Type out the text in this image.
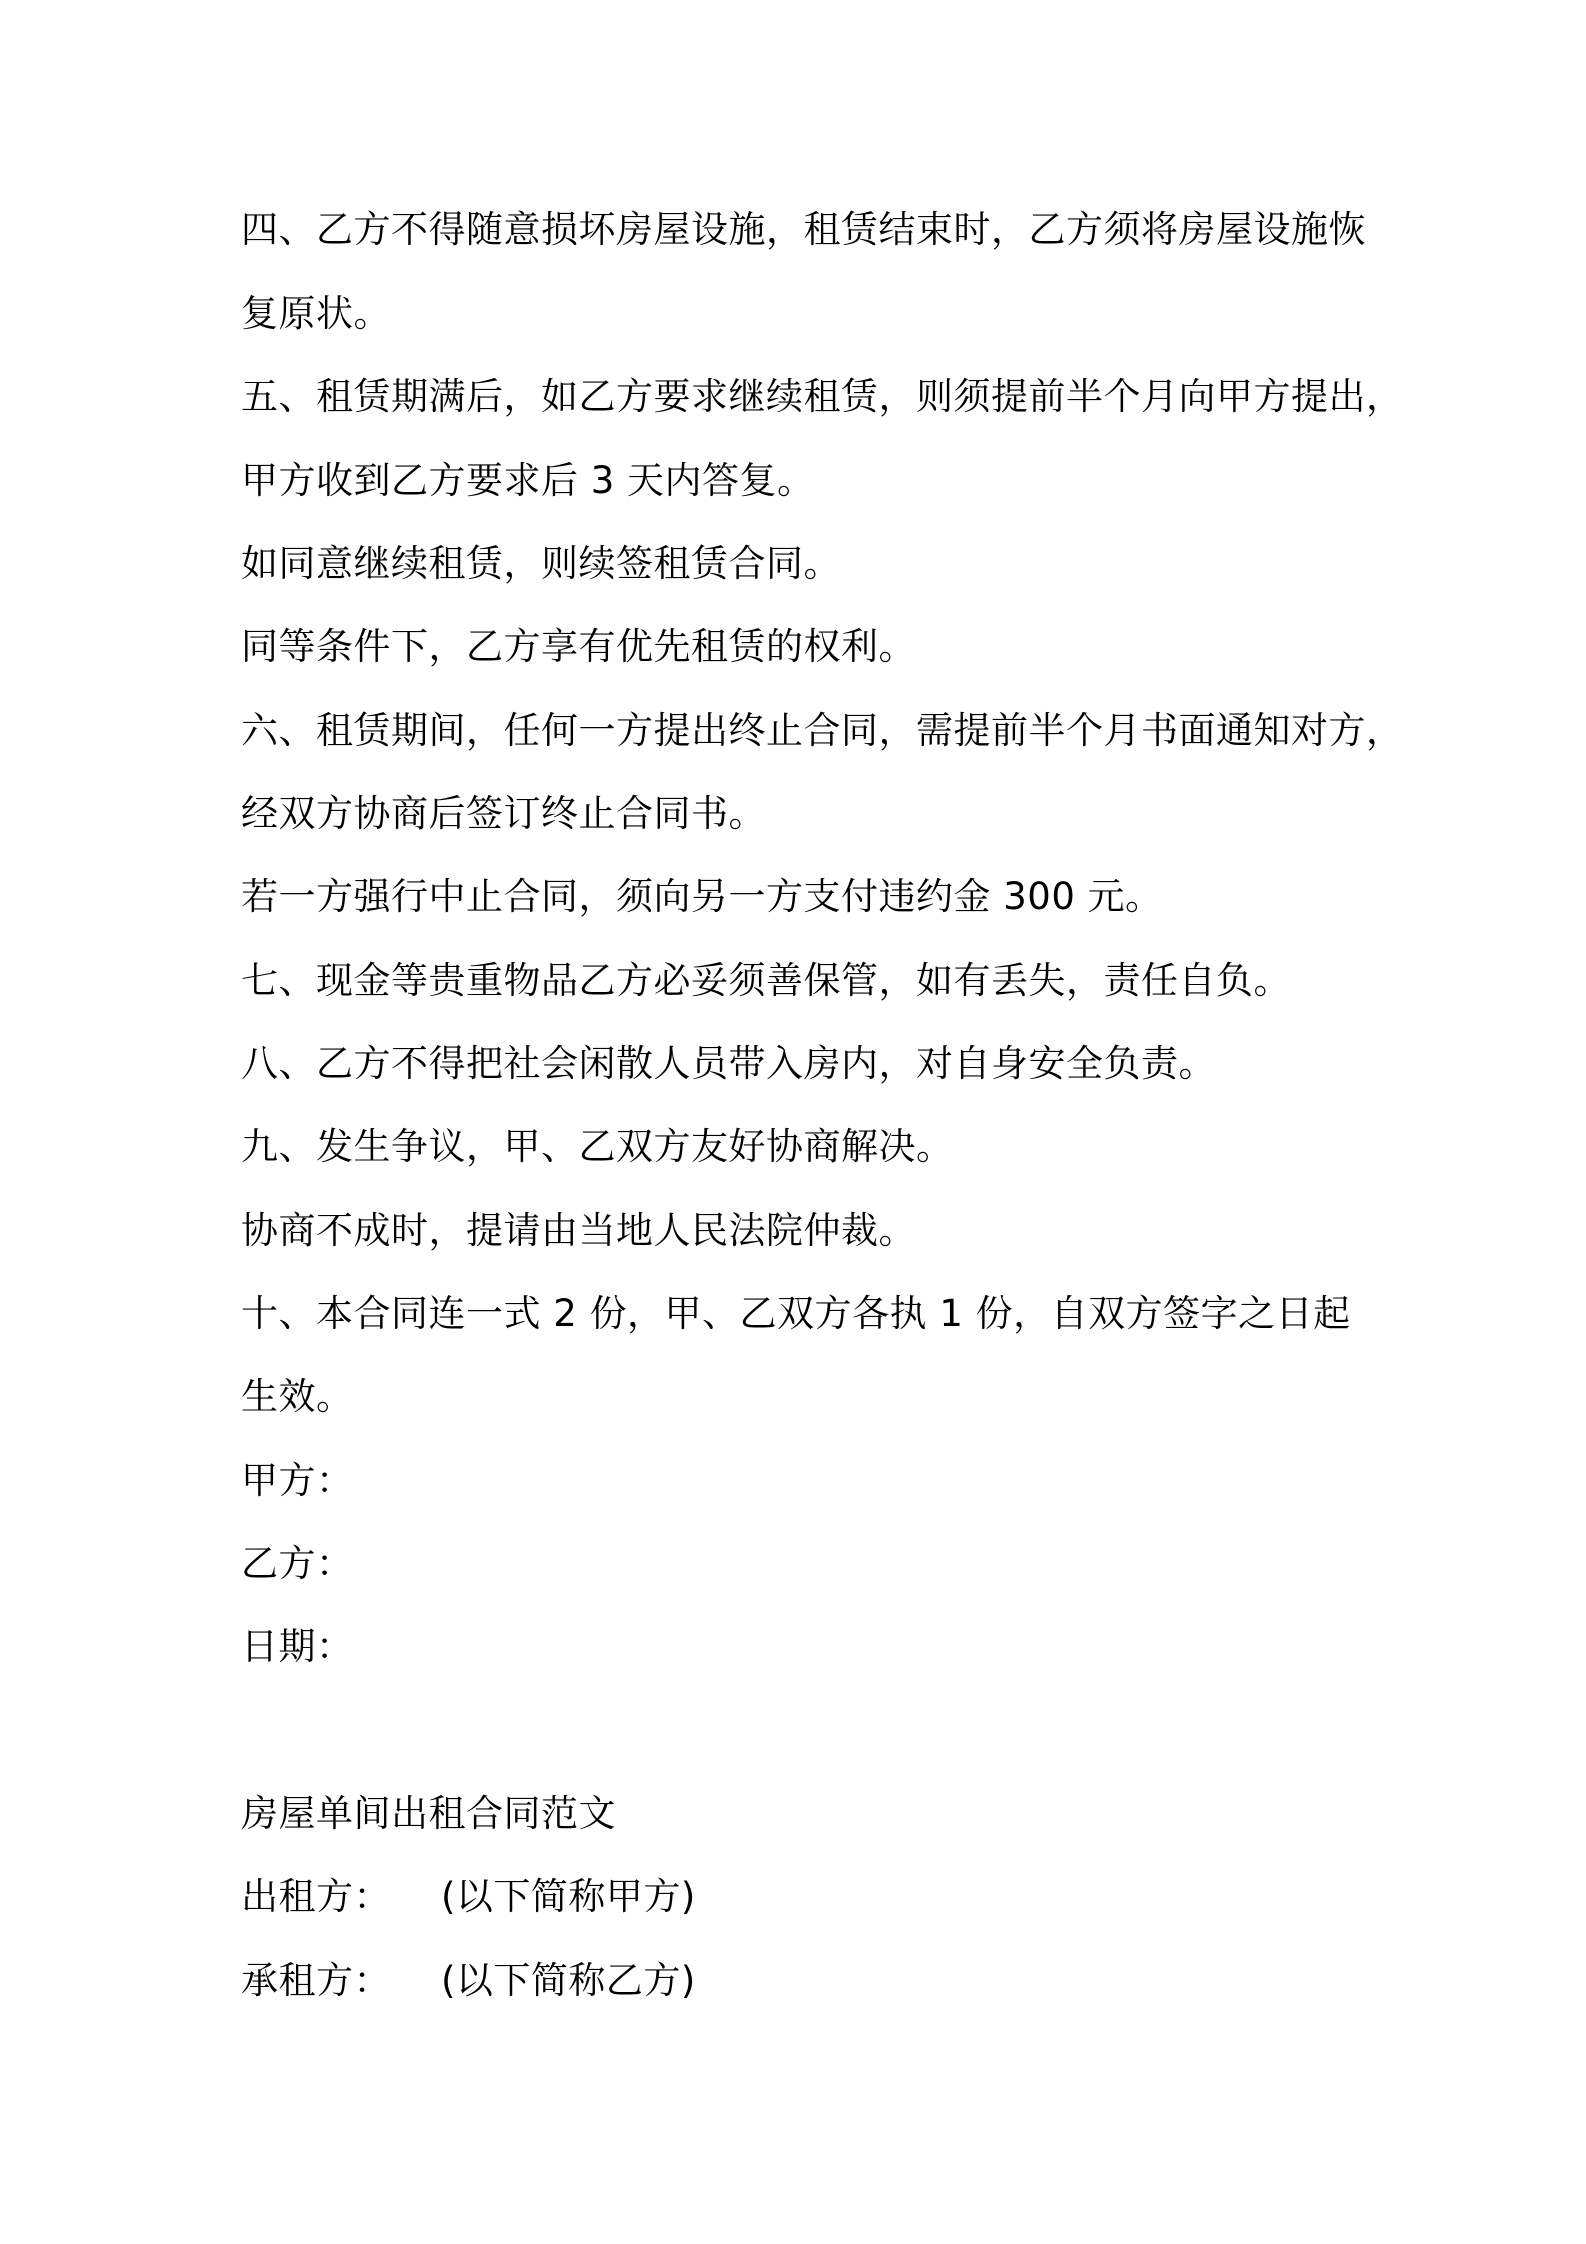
四、乙方不得随意损坏房屋设施，租赁结束时，乙方须将房屋设施恢
复原状。
五、租赁期满后，如乙方要求继续租赁，则须提前半个月向甲方提出，
甲方收到乙方要求后 3 天内答复。
如同意继续租赁，则续签租赁合同。
同等条件下，乙方享有优先租赁的权利。
六、租赁期间，任何一方提出终止合同，需提前半个月书面通知对方，
经双方协商后签订终止合同书。
若一方强行中止合同，须向另一方支付违约金 300 元。
七、现金等贵重物品乙方必妥须善保管，如有丢失，责任自负。
八、乙方不得把社会闲散人员带入房内，对自身安全负责。
九、发生争议，甲、乙双方友好协商解决。
协商不成时，提请由当地人民法院仲裁。
十、本合同连一式 2 份，甲、乙双方各执 1 份，自双方签字之日起
生效。
甲方：
乙方：
日期：
房屋单间出租合同范文
出租方： (以下简称甲方)
承租方： (以下简称乙方)
